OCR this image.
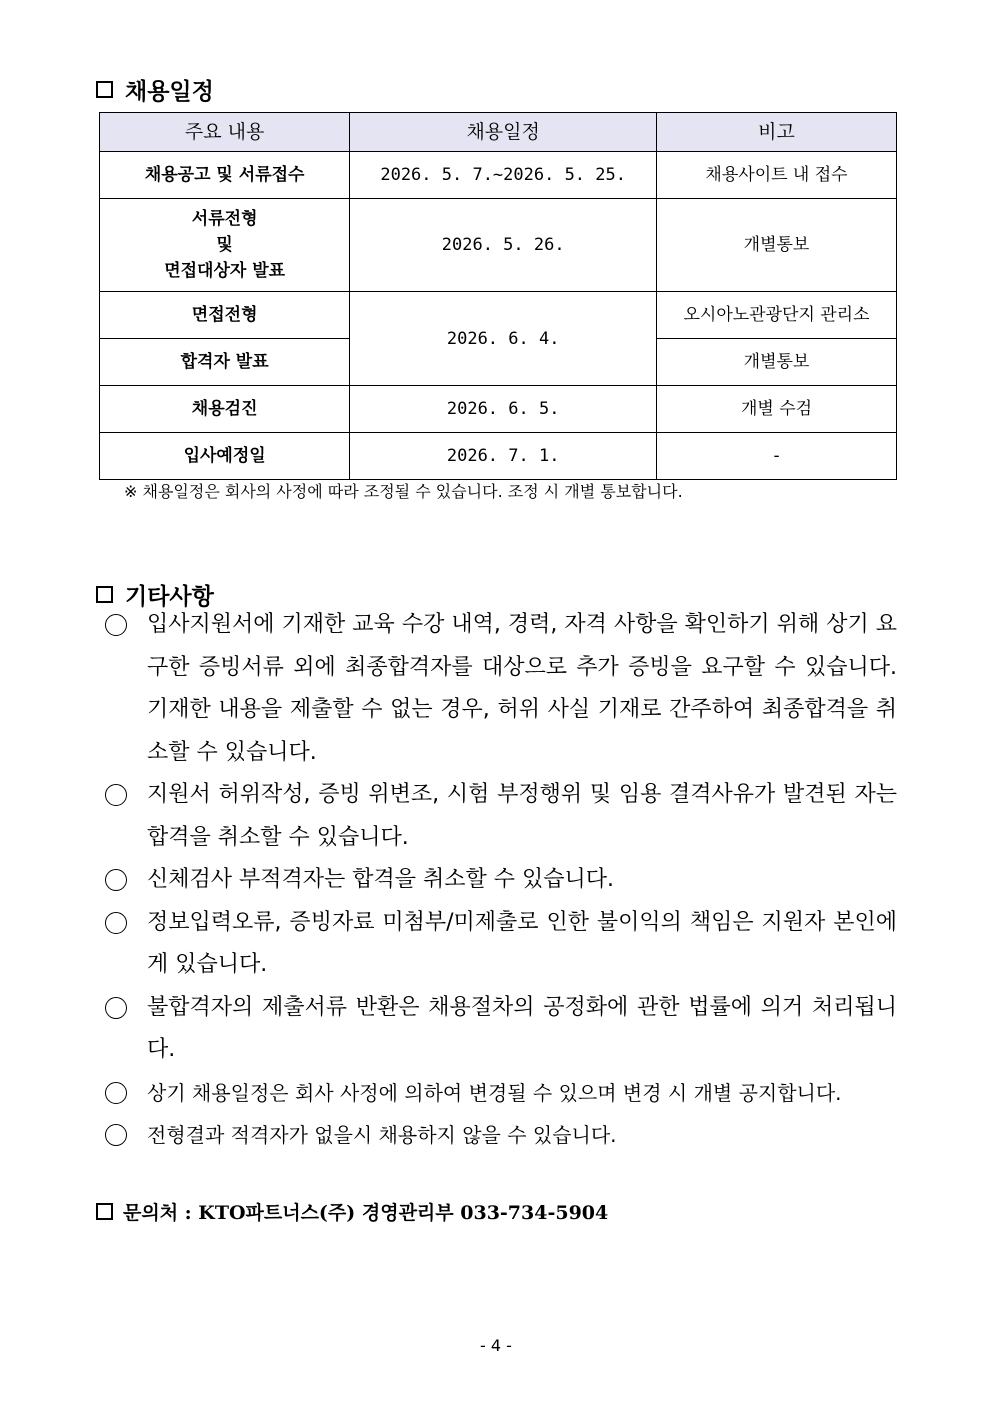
채용일정
주요 내용	채용일정	비고
채용공고 및 서류접수	2026. 5. 7.~2026. 5. 25.	채용사이트 내 접수

서류전형
및
면접대상자 발표	2026. 5. 26.	개별통보
면접전형	2026. 6. 4.	오시아노관광단지 관리소
합격자 발표		개별통보
채용검진	2026. 6. 5.	개별 수검
입사예정일	2026. 7. 1.	-
※ 채용일정은 회사의 사정에 따라 조정될 수 있습니다. 조정 시 개별 통보합니다.
기타사항
입사지원서에 기재한 교육 수강 내역, 경력, 자격 사항을 확인하기 위해 상기 요구한 증빙서류 외에 최종합격자를 대상으로 추가 증빙을 요구할 수 있습니다. 기재한 내용을 제출할 수 없는 경우, 허위 사실 기재로 간주하여 최종합격을 취소할 수 있습니다.
지원서 허위작성, 증빙 위변조, 시험 부정행위 및 임용 결격사유가 발견된 자는 합격을 취소할 수 있습니다.
신체검사 부적격자는 합격을 취소할 수 있습니다.
정보입력오류, 증빙자료 미첨부/미제출로 인한 불이익의 책임은 지원자 본인에게 있습니다.
불합격자의 제출서류 반환은 채용절차의 공정화에 관한 법률에 의거 처리됩니다.
상기 채용일정은 회사 사정에 의하여 변경될 수 있으며 변경 시 개별 공지합니다.
전형결과 적격자가 없을시 채용하지 않을 수 있습니다.
문의처 : KTO파트너스(주) 경영관리부 033-734-5904
- 4 -
